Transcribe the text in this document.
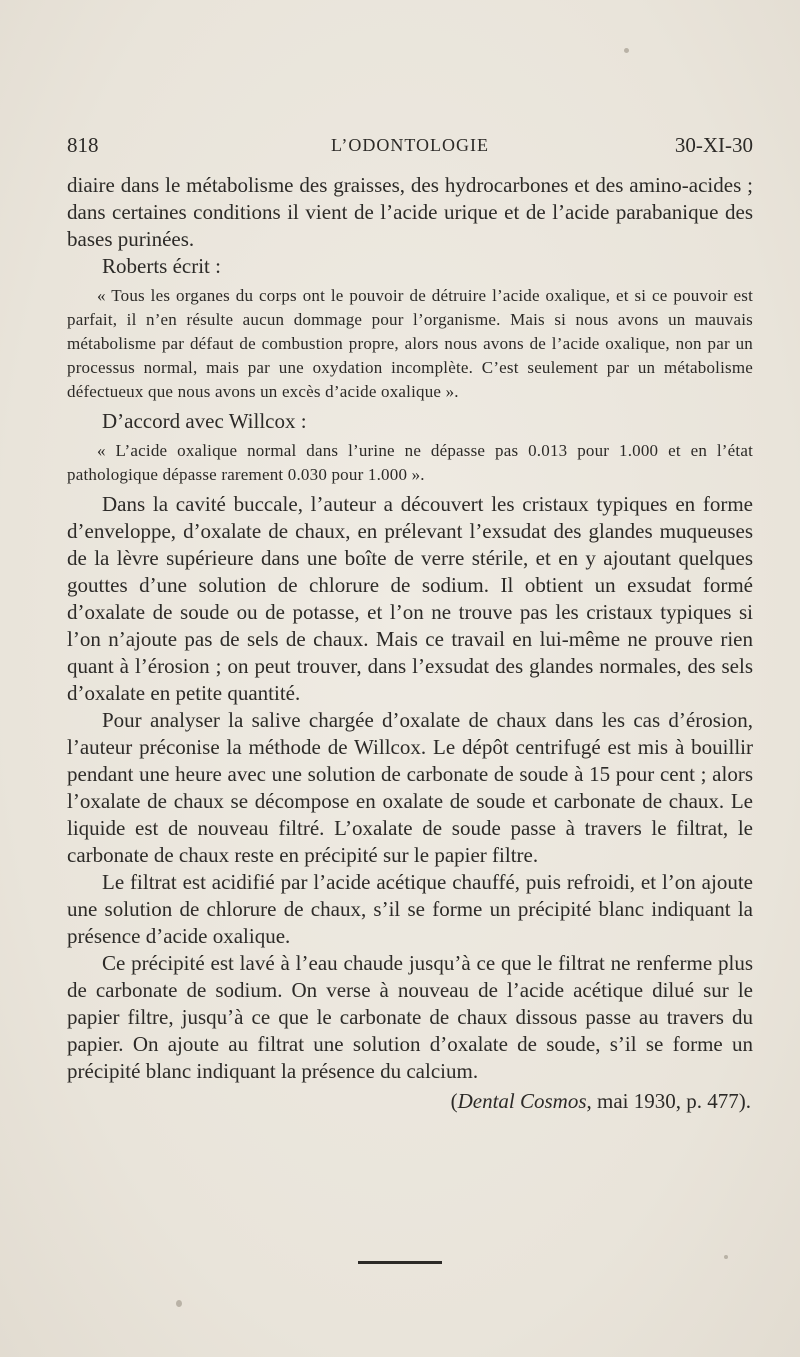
818	L’ODONTOLOGIE	30-XI-30

diaire dans le métabolisme des graisses, des hydrocarbones et des amino-acides ; dans certaines conditions il vient de l’acide urique et de l’acide parabanique des bases purinées.

Roberts écrit :

« Tous les organes du corps ont le pouvoir de détruire l’acide oxalique, et si ce pouvoir est parfait, il n’en résulte aucun dommage pour l’organisme. Mais si nous avons un mauvais métabolisme par défaut de combustion propre, alors nous avons de l’acide oxalique, non par un processus normal, mais par une oxydation incomplète. C’est seulement par un métabolisme défectueux que nous avons un excès d’acide oxalique ».

D’accord avec Willcox :

« L’acide oxalique normal dans l’urine ne dépasse pas 0.013 pour 1.000 et en l’état pathologique dépasse rarement 0.030 pour 1.000 ».

Dans la cavité buccale, l’auteur a découvert les cristaux typiques en forme d’enveloppe, d’oxalate de chaux, en prélevant l’exsudat des glandes muqueuses de la lèvre supérieure dans une boîte de verre stérile, et en y ajoutant quelques gouttes d’une solution de chlorure de sodium. Il obtient un exsudat formé d’oxalate de soude ou de potasse, et l’on ne trouve pas les cristaux typiques si l’on n’ajoute pas de sels de chaux. Mais ce travail en lui-même ne prouve rien quant à l’érosion ; on peut trouver, dans l’exsudat des glandes normales, des sels d’oxalate en petite quantité.

Pour analyser la salive chargée d’oxalate de chaux dans les cas d’érosion, l’auteur préconise la méthode de Willcox. Le dépôt centrifugé est mis à bouillir pendant une heure avec une solution de carbonate de soude à 15 pour cent ; alors l’oxalate de chaux se décompose en oxalate de soude et carbonate de chaux. Le liquide est de nouveau filtré. L’oxalate de soude passe à travers le filtrat, le carbonate de chaux reste en précipité sur le papier filtre.

Le filtrat est acidifié par l’acide acétique chauffé, puis refroidi, et l’on ajoute une solution de chlorure de chaux, s’il se forme un précipité blanc indiquant la présence d’acide oxalique.

Ce précipité est lavé à l’eau chaude jusqu’à ce que le filtrat ne renferme plus de carbonate de sodium. On verse à nouveau de l’acide acétique dilué sur le papier filtre, jusqu’à ce que le carbonate de chaux dissous passe au travers du papier. On ajoute au filtrat une solution d’oxalate de soude, s’il se forme un précipité blanc indiquant la présence du calcium.

(Dental Cosmos, mai 1930, p. 477).
